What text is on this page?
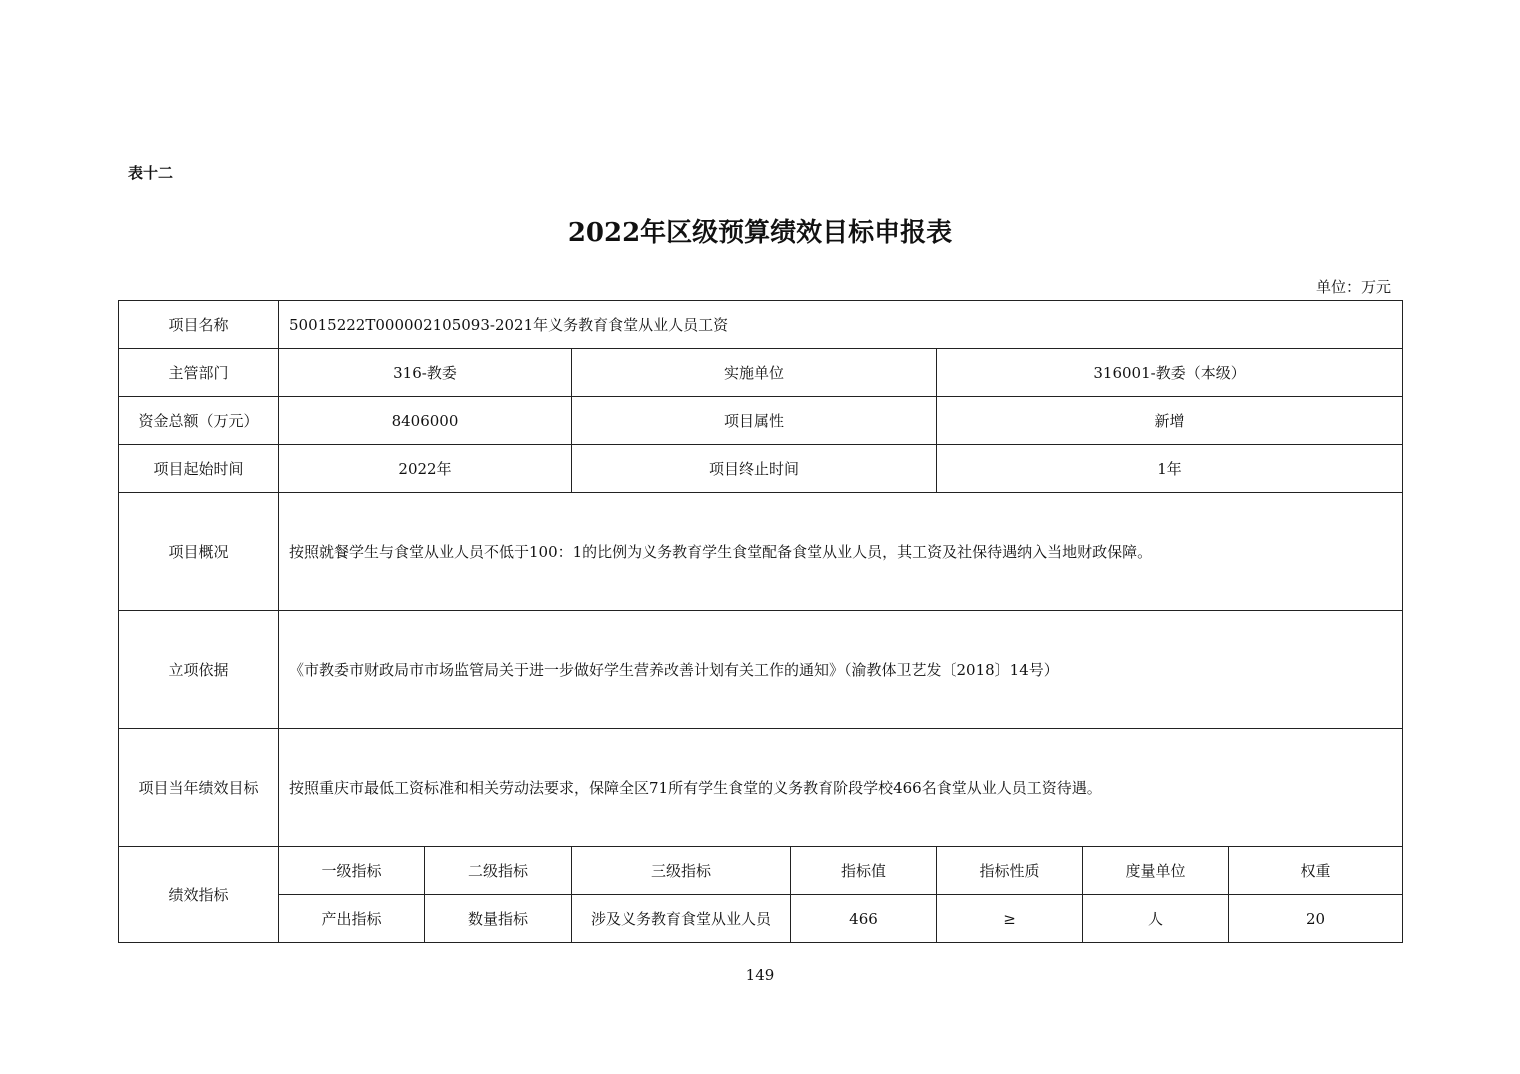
表十二
2022年区级预算绩效目标申报表
单位：万元
项目名称	50015222T000002105093-2021年义务教育食堂从业人员工资						
主管部门	316-教委		实施单位		316001-教委（本级）		
资金总额（万元）	8406000		项目属性		新增		
项目起始时间	2022年		项目终止时间		1年		
项目概况	按照就餐学生与食堂从业人员不低于100：1的比例为义务教育学生食堂配备食堂从业人员，其工资及社保待遇纳入当地财政保障。						
立项依据	《市教委市财政局市市场监管局关于进一步做好学生营养改善计划有关工作的通知》（渝教体卫艺发〔2018〕14号）						
项目当年绩效目标	按照重庆市最低工资标准和相关劳动法要求，保障全区71所有学生食堂的义务教育阶段学校466名食堂从业人员工资待遇。						
绩效指标	一级指标	二级指标	三级指标	指标值	指标性质	度量单位	权重
	产出指标	数量指标	涉及义务教育食堂从业人员	466	≥	人	20
149
